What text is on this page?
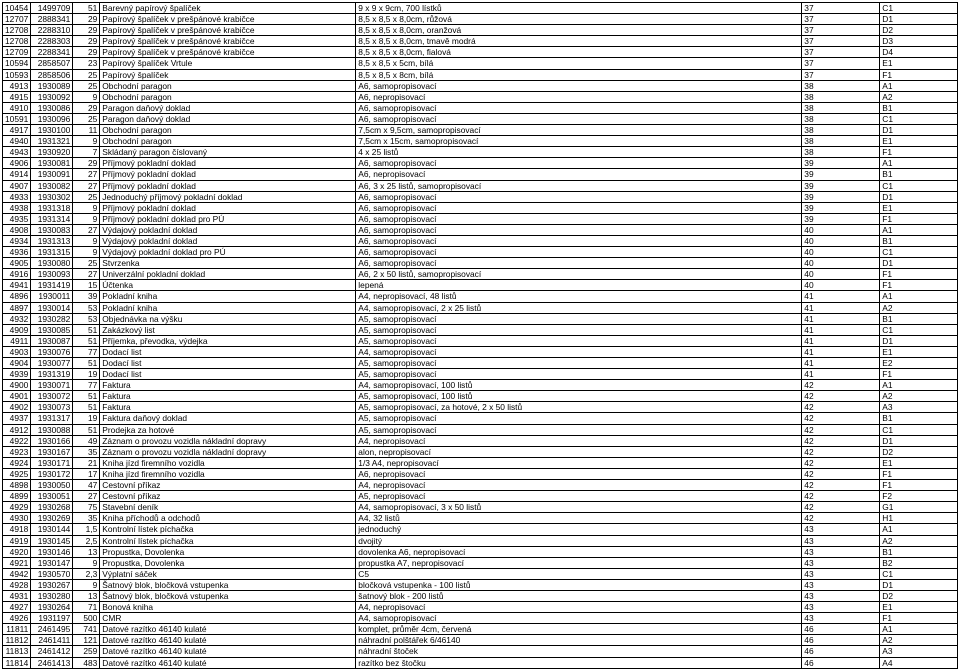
10454	1499709	51	Barevný papírový špalíček	9 x 9 x 9cm, 700 lístků	37	C1
12707	2888341	29	Papírový špalíček v prešpánové krabičce	8,5 x 8,5 x 8,0cm, růžová	37	D1
12708	2288310	29	Papírový špalíček v prešpánové krabičce	8,5 x 8,5 x 8,0cm, oranžová	37	D2
12708	2288303	29	Papírový špalíček v prešpánové krabičce	8,5 x 8,5 x 8,0cm, tmavě modrá	37	D3
12709	2288341	29	Papírový špalíček v prešpánové krabičce	8,5 x 8,5 x 8,0cm, fialová	37	D4
10594	2858507	23	Papírový špalíček Vrtule	8,5 x 8,5 x 5cm, bílá	37	E1
10593	2858506	25	Papírový špalíček	8,5 x 8,5 x 8cm, bílá	37	F1
4913	1930089	25	Obchodní paragon	A6, samopropisovací	38	A1
4915	1930092	9	Obchodní paragon	A6, nepropisovací	38	A2
4910	1930086	29	Paragon daňový doklad	A6, samopropisovací	38	B1
10591	1930096	25	Paragon daňový doklad	A6, samopropisovací	38	C1
4917	1930100	11	Obchodní paragon	7,5cm x 9,5cm, samopropisovací	38	D1
4940	1931321	9	Obchodní paragon	7,5cm x 15cm, samopropisovací	38	E1
4943	1930920	7	Skládaný paragon číslovaný	4 x 25 listů	38	F1
4906	1930081	29	Příjmový pokladní doklad	A6, samopropisovací	39	A1
4914	1930091	27	Příjmový pokladní doklad	A6, nepropisovací	39	B1
4907	1930082	27	Příjmový pokladní doklad	A6, 3 x 25 listů, samopropisovací	39	C1
4933	1930302	25	Jednoduchý příjmový pokladní doklad	A6, samopropisovací	39	D1
4938	1931318	9	Příjmový pokladní doklad	A6, samopropisovací	39	E1
4935	1931314	9	Příjmový pokladní doklad pro PÚ	A6, samopropisovací	39	F1
4908	1930083	27	Výdajový pokladní doklad	A6, samopropisovací	40	A1
4934	1931313	9	Výdajový pokladní doklad	A6, samopropisovací	40	B1
4936	1931315	9	Výdajový pokladní doklad pro PÚ	A6, samopropisovací	40	C1
4905	1930080	25	Stvrzenka	A6, samopropisovací	40	D1
4916	1930093	27	Univerzální pokladní doklad	A6, 2 x 50 listů, samopropisovací	40	F1
4941	1931419	15	Účtenka	lepená	40	F1
4896	1930011	39	Pokladní kniha	A4, nepropisovací, 48 listů	41	A1
4897	1930014	53	Pokladní kniha	A4, samopropisovací, 2 x 25 listů	41	A2
4932	1930282	53	Objednávka na výšku	A5, samopropisovací	41	B1
4909	1930085	51	Zakázkový list	A5, samopropisovací	41	C1
4911	1930087	51	Příjemka, převodka, výdejka	A5, samopropisovací	41	D1
4903	1930076	77	Dodací list	A4, samopropisovací	41	E1
4904	1930077	51	Dodací list	A5, samopropisovací	41	E2
4939	1931319	19	Dodací list	A5, samopropisovací	41	F1
4900	1930071	77	Faktura	A4, samopropisovací, 100 listů	42	A1
4901	1930072	51	Faktura	A5, samopropisovací, 100 listů	42	A2
4902	1930073	51	Faktura	A5, samopropisovací, za hotové, 2 x 50 listů	42	A3
4937	1931317	19	Faktura daňový doklad	A5, samopropisovací	42	B1
4912	1930088	51	Prodejka za hotové	A5, samopropisovací	42	C1
4922	1930166	49	Záznam o provozu vozidla nákladní dopravy	A4, nepropisovací	42	D1
4923	1930167	35	Záznam o provozu vozidla nákladní dopravy	alon, nepropisovací	42	D2
4924	1930171	21	Kniha jízd firemního vozidla	1/3 A4, nepropisovací	42	E1
4925	1930172	17	Kniha jízd firemního vozidla	A6, nepropisovací	42	F1
4898	1930050	47	Cestovní příkaz	A4, nepropisovací	42	F1
4899	1930051	27	Cestovní příkaz	A5, nepropisovací	42	F2
4929	1930268	75	Stavební deník	A4, samopropisovací, 3 x 50 listů	42	G1
4930	1930269	35	Kniha příchodů a odchodů	A4, 32 listů	42	H1
4918	1930144	1,5	Kontrolní lístek píchačka	jednoduchý	43	A1
4919	1930145	2,5	Kontrolní lístek píchačka	dvojitý	43	A2
4920	1930146	13	Propustka, Dovolenka	dovolenka A6, nepropisovací	43	B1
4921	1930147	9	Propustka, Dovolenka	propustka A7, nepropisovací	43	B2
4942	1930570	2,3	Výplatní sáček	C5	43	C1
4928	1930267	9	Šatnový blok, bločková vstupenka	bločková vstupenka - 100 listů	43	D1
4931	1930280	13	Šatnový blok, bločková vstupenka	šatnový blok - 200 listů	43	D2
4927	1930264	71	Bonová kniha	A4, nepropisovací	43	E1
4926	1931197	500	CMR	A4, samopropisovací	43	F1
11811	2461495	741	Datové razítko 46140 kulaté	komplet, průměr 4cm, červená	46	A1
11812	2461411	121	Datové razítko 46140 kulaté	náhradní polštářek 6/46140	46	A2
11813	2461412	259	Datové razítko 46140 kulaté	náhradní štoček	46	A3
11814	2461413	483	Datové razítko 46140 kulaté	razítko bez štočku	46	A4
